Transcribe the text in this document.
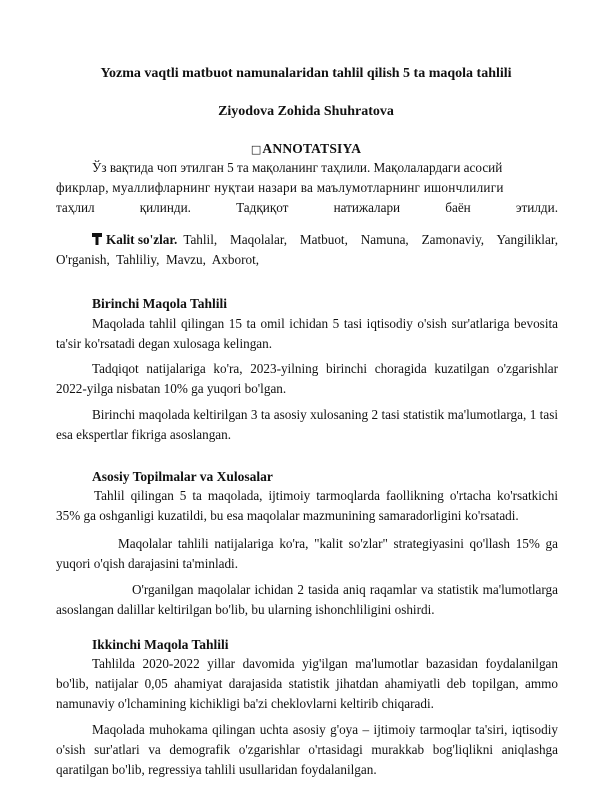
Yozma vaqtli matbuot namunalaridan tahlil qilish 5 ta maqola tahlili
Ziyodova Zohida Shuhratova
□ANNOTATSIYA
Ўз вақтида чоп этилган 5 та мақоланинг таҳлили. Мақолалардаги асосий
фикрлар, муаллифларнинг нуқтаи назари ва маълумотларнинг ишончлилиги
таҳлил	қилинди.	Тадқиқот	натижалари	баён	этилди.
Kalit so'zlar. Tahlil, Maqolalar, Matbuot, Namuna, Zamonaviy, Yangiliklar,
O'rganish,  Tahliliy,  Mavzu,  Axborot,
Birinchi Maqola Tahlili
Maqolada tahlil qilingan 15 ta omil ichidan 5 tasi iqtisodiy o'sish sur'atlariga bevosita ta'sir ko'rsatadi degan xulosaga kelingan.
Tadqiqot natijalariga ko'ra, 2023-yilning birinchi choragida kuzatilgan o'zgarishlar 2022-yilga nisbatan 10% ga yuqori bo'lgan.
Birinchi maqolada keltirilgan 3 ta asosiy xulosaning 2 tasi statistik ma'lumotlarga, 1 tasi esa ekspertlar fikriga asoslangan.
Asosiy Topilmalar va Xulosalar
Tahlil qilingan 5 ta maqolada, ijtimoiy tarmoqlarda faollikning o'rtacha ko'rsatkichi 35% ga oshganligi kuzatildi, bu esa maqolalar mazmunining samaradorligini ko'rsatadi.
Maqolalar tahlili natijalariga ko'ra, "kalit so'zlar" strategiyasini qo'llash 15% ga yuqori o'qish darajasini ta'minladi.
O'rganilgan maqolalar ichidan 2 tasida aniq raqamlar va statistik ma'lumotlarga asoslangan dalillar keltirilgan bo'lib, bu ularning ishonchliligini oshirdi.
Ikkinchi Maqola Tahlili
Tahlilda 2020-2022 yillar davomida yig'ilgan ma'lumotlar bazasidan foydalanilgan bo'lib, natijalar 0,05 ahamiyat darajasida statistik jihatdan ahamiyatli deb topilgan, ammo namunaviy o'lchamining kichikligi ba'zi cheklovlarni keltirib chiqaradi.
Maqolada muhokama qilingan uchta asosiy g'oya – ijtimoiy tarmoqlar ta'siri, iqtisodiy o'sish sur'atlari va demografik o'zgarishlar o'rtasidagi murakkab bog'liqlikni aniqlashga qaratilgan bo'lib, regressiya tahlili usullaridan foydalanilgan.
